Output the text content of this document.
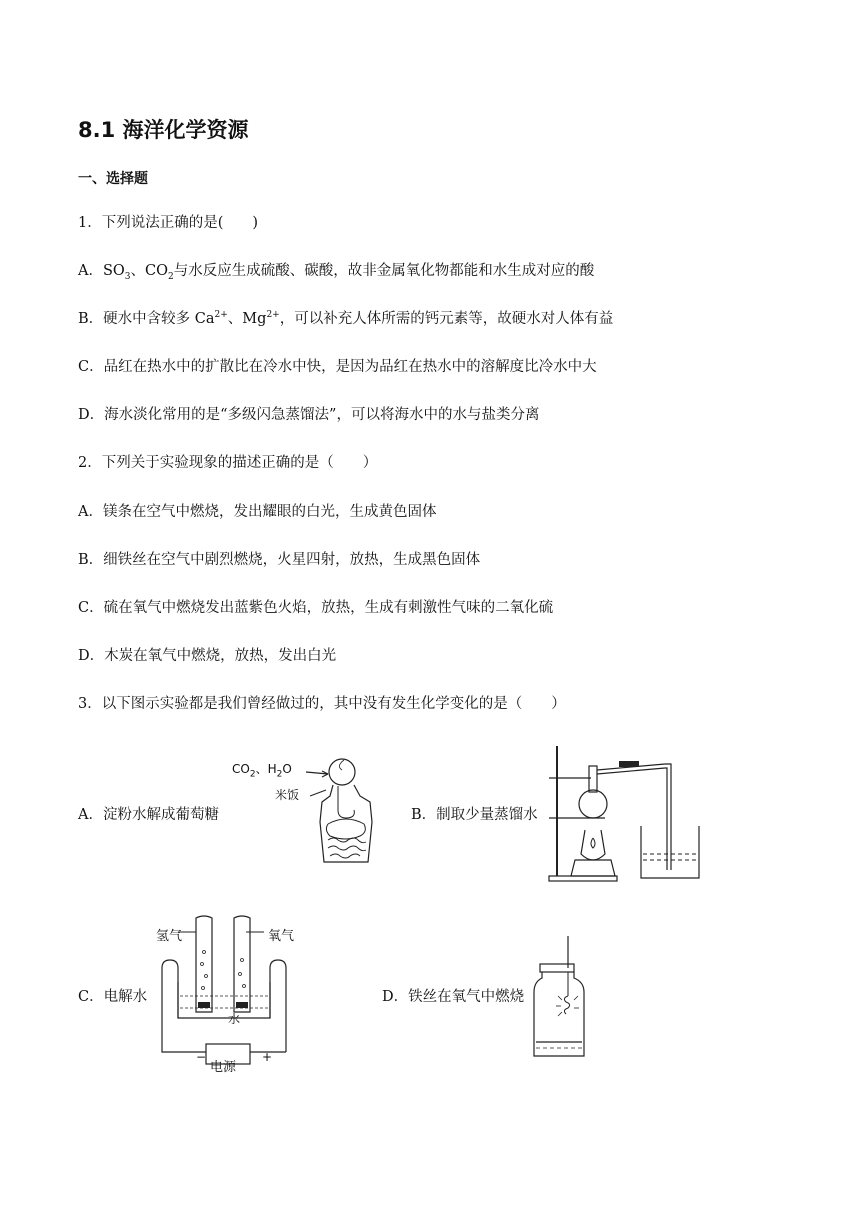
8.1 海洋化学资源
一、选择题
1．下列说法正确的是(　　)
A．$SO_3$、$CO_2$与水反应生成硫酸、碳酸，故非金属氧化物都能和水生成对应的酸
B．硬水中含较多 $Ca^{2+}$、$Mg^{2+}$，可以补充人体所需的钙元素等，故硬水对人体有益
C．品红在热水中的扩散比在冷水中快，是因为品红在热水中的溶解度比冷水中大
D．海水淡化常用的是“多级闪急蒸馏法”，可以将海水中的水与盐类分离
2．下列关于实验现象的描述正确的是（　　）
A．镁条在空气中燃烧，发出耀眼的白光，生成黄色固体
B．细铁丝在空气中剧烈燃烧，火星四射，放热，生成黑色固体
C．硫在氧气中燃烧发出蓝紫色火焰，放热，生成有刺激性气味的二氧化硫
D．木炭在氧气中燃烧，放热，发出白光
3．以下图示实验都是我们曾经做过的，其中没有发生化学变化的是（　　）
A．淀粉水解成葡萄糖	B．制取少量蒸馏水
C．电解水	D．铁丝在氧气中燃烧
$CO_2$、$H_2O$
米饭
氢气	氧气
水
电源
−	+
